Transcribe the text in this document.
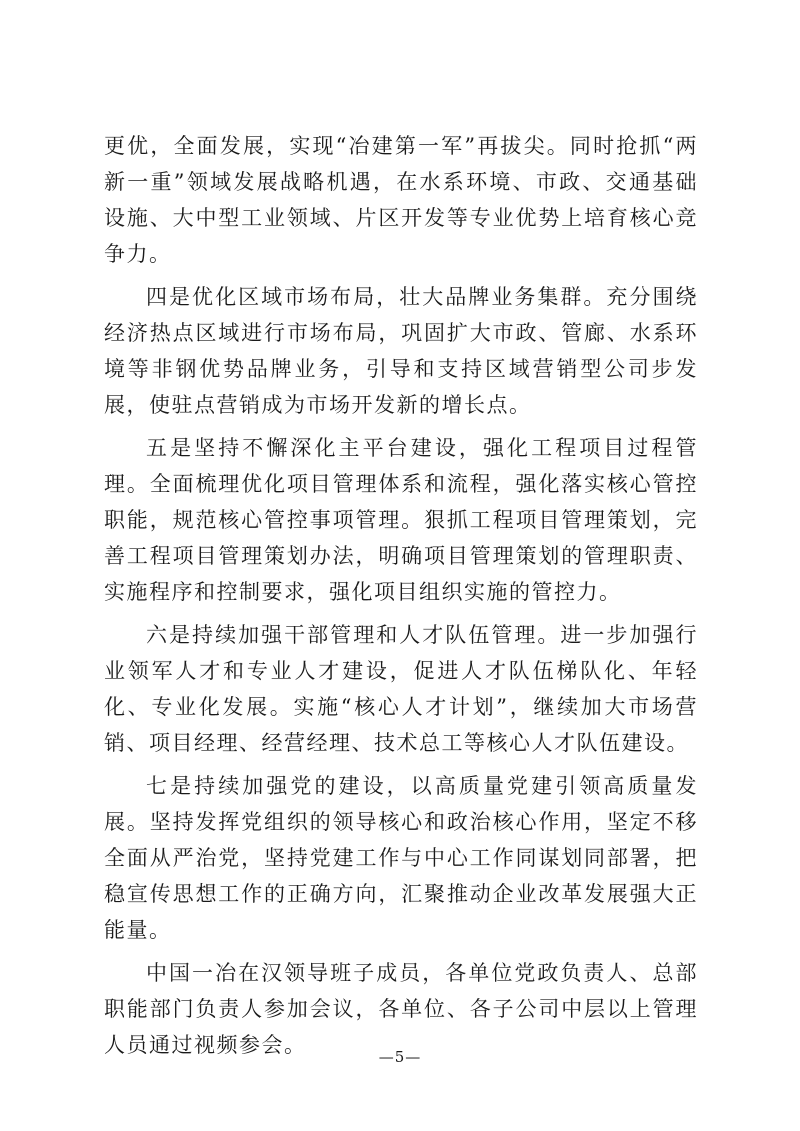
更优，全面发展，实现“冶建第一军”再拔尖。同时抢抓“两新一重”领域发展战略机遇，在水系环境、市政、交通基础设施、大中型工业领域、片区开发等专业优势上培育核心竞争力。

四是优化区域市场布局，壮大品牌业务集群。充分围绕经济热点区域进行市场布局，巩固扩大市政、管廊、水系环境等非钢优势品牌业务，引导和支持区域营销型公司步发展，使驻点营销成为市场开发新的增长点。

五是坚持不懈深化主平台建设，强化工程项目过程管理。全面梳理优化项目管理体系和流程，强化落实核心管控职能，规范核心管控事项管理。狠抓工程项目管理策划，完善工程项目管理策划办法，明确项目管理策划的管理职责、实施程序和控制要求，强化项目组织实施的管控力。

六是持续加强干部管理和人才队伍管理。进一步加强行业领军人才和专业人才建设，促进人才队伍梯队化、年轻化、专业化发展。实施“核心人才计划”，继续加大市场营销、项目经理、经营经理、技术总工等核心人才队伍建设。

七是持续加强党的建设，以高质量党建引领高质量发展。坚持发挥党组织的领导核心和政治核心作用，坚定不移全面从严治党，坚持党建工作与中心工作同谋划同部署，把稳宣传思想工作的正确方向，汇聚推动企业改革发展强大正能量。

中国一冶在汉领导班子成员，各单位党政负责人、总部职能部门负责人参加会议，各单位、各子公司中层以上管理人员通过视频参会。	—5—
